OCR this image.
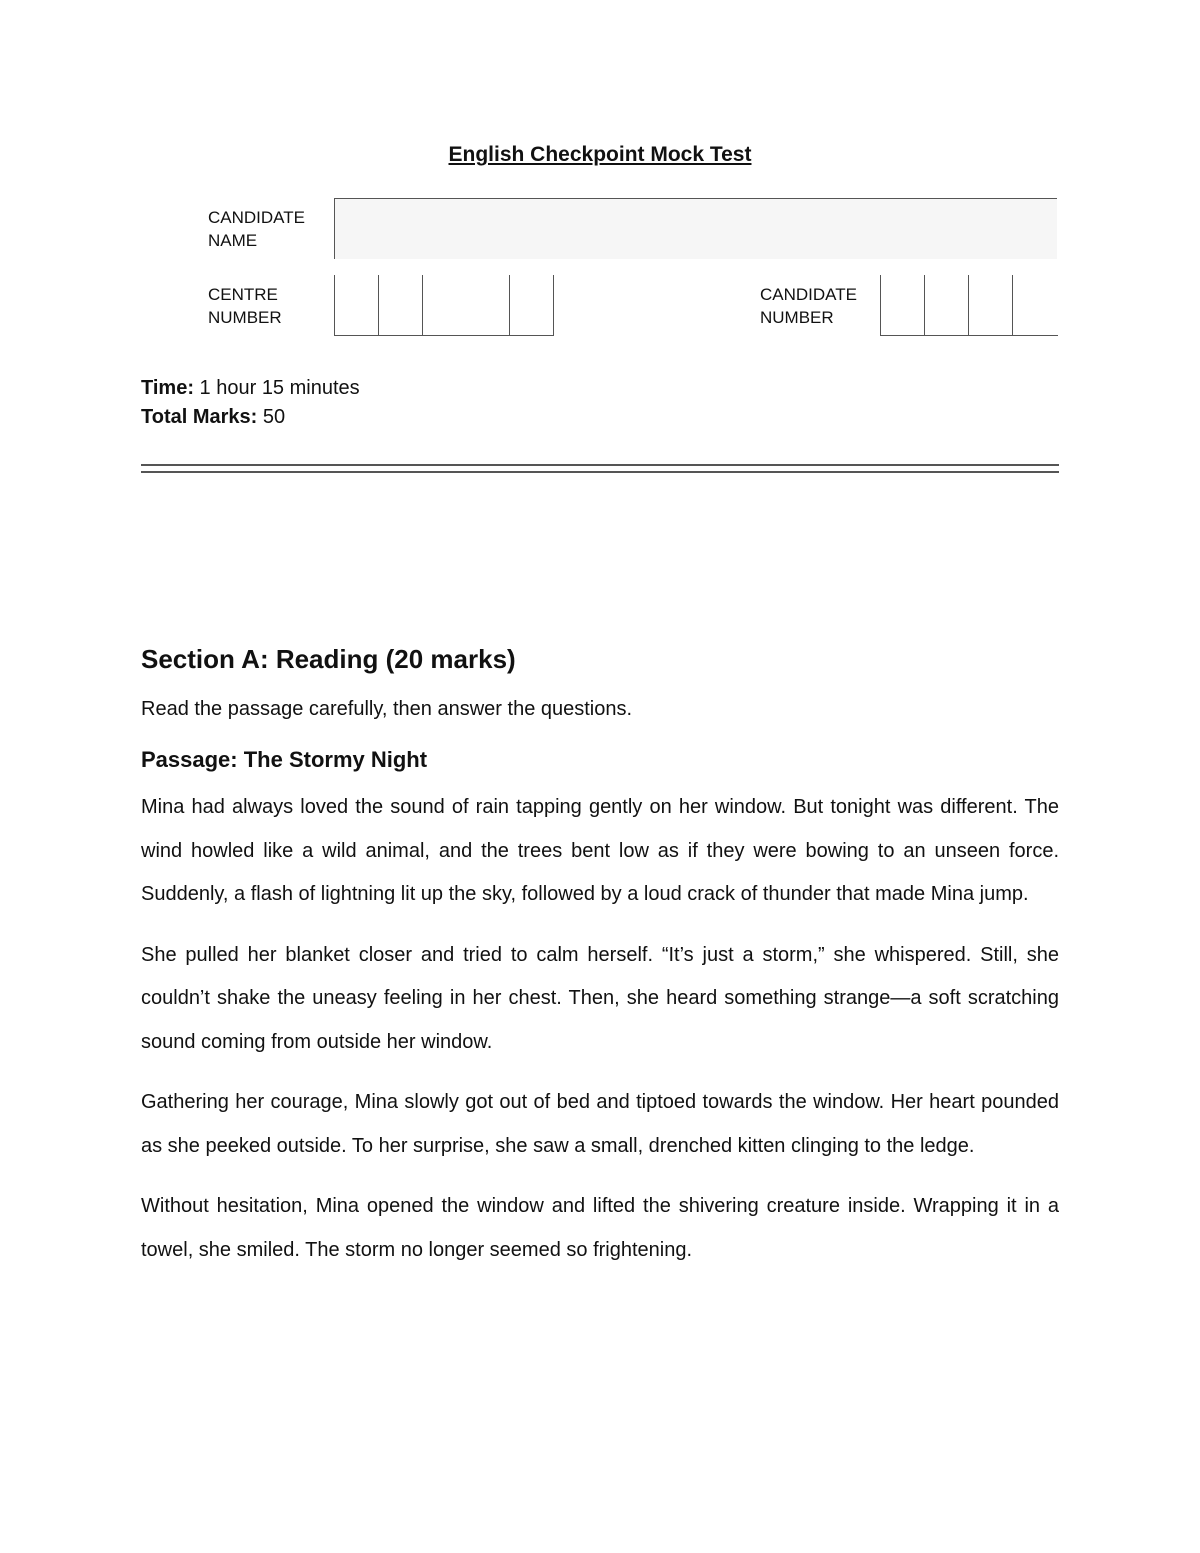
English Checkpoint Mock Test
CANDIDATE NAME
CENTRE NUMBER
CANDIDATE NUMBER
Time: 1 hour 15 minutes
Total Marks: 50
Section A: Reading (20 marks)
Read the passage carefully, then answer the questions.
Passage: The Stormy Night

Mina had always loved the sound of rain tapping gently on her window. But tonight was different. The wind howled like a wild animal, and the trees bent low as if they were bowing to an unseen force. Suddenly, a flash of lightning lit up the sky, followed by a loud crack of thunder that made Mina jump.

She pulled her blanket closer and tried to calm herself. “It’s just a storm,” she whispered. Still, she couldn’t shake the uneasy feeling in her chest. Then, she heard something strange—a soft scratching sound coming from outside her window.

Gathering her courage, Mina slowly got out of bed and tiptoed towards the window. Her heart pounded as she peeked outside. To her surprise, she saw a small, drenched kitten clinging to the ledge.

Without hesitation, Mina opened the window and lifted the shivering creature inside. Wrapping it in a towel, she smiled. The storm no longer seemed so frightening.
